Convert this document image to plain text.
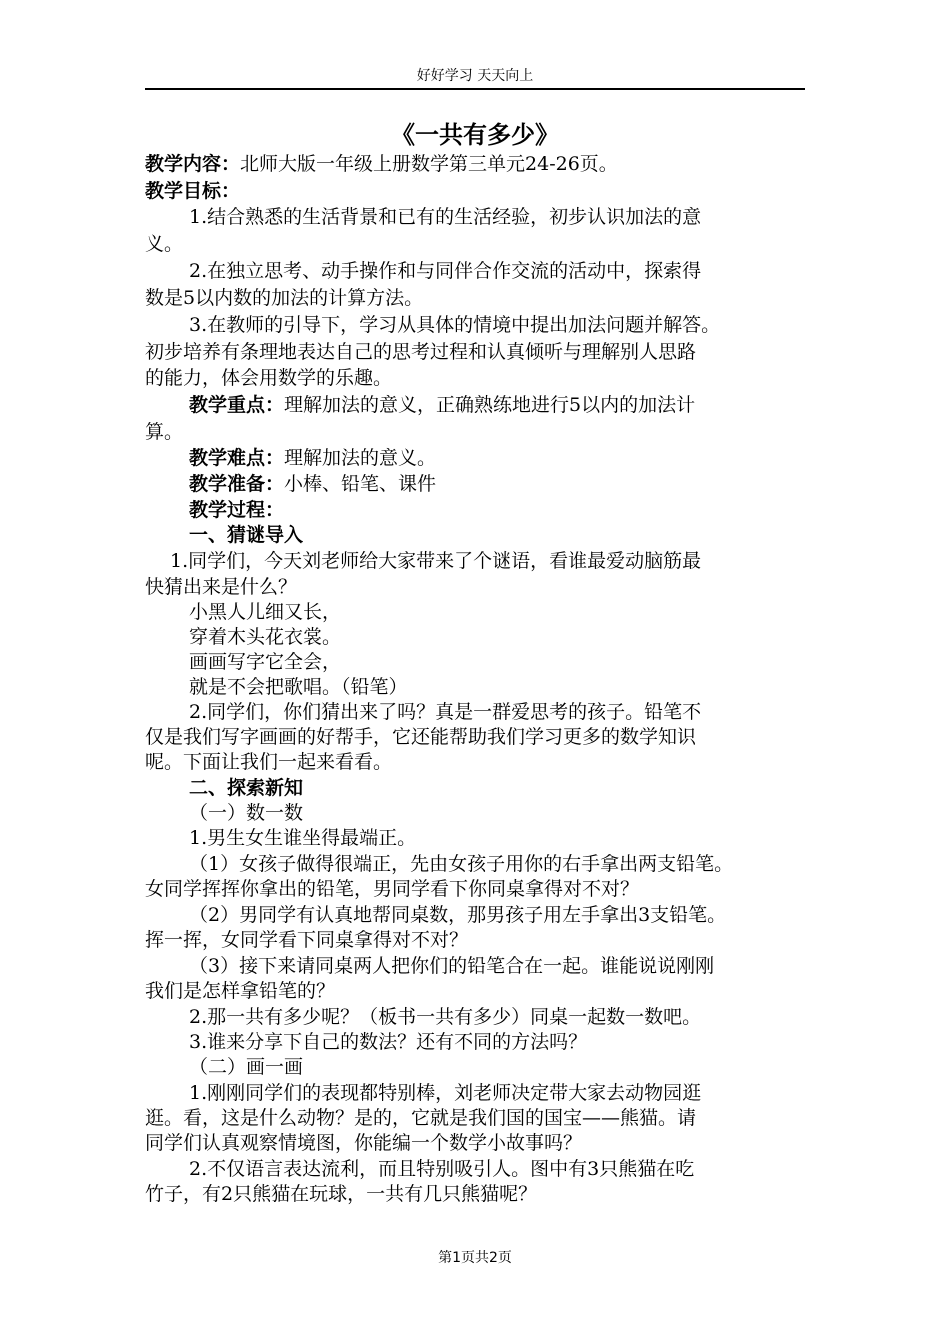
好好学习 天天向上
《一共有多少》
教学内容：北师大版一年级上册数学第三单元24-26页。
教学目标：
1.结合熟悉的生活背景和已有的生活经验，初步认识加法的意
义。
2.在独立思考、动手操作和与同伴合作交流的活动中，探索得
数是5以内数的加法的计算方法。
3.在教师的引导下，学习从具体的情境中提出加法问题并解答。
初步培养有条理地表达自己的思考过程和认真倾听与理解别人思路
的能力，体会用数学的乐趣。
教学重点：理解加法的意义，正确熟练地进行5以内的加法计
算。
教学难点：理解加法的意义。
教学准备：小棒、铅笔、课件
教学过程：
一、猜谜导入
1.同学们，今天刘老师给大家带来了个谜语，看谁最爱动脑筋最
快猜出来是什么？
小黑人儿细又长，
穿着木头花衣裳。
画画写字它全会，
就是不会把歌唱。（铅笔）
2.同学们，你们猜出来了吗？真是一群爱思考的孩子。铅笔不
仅是我们写字画画的好帮手，它还能帮助我们学习更多的数学知识
呢。下面让我们一起来看看。
二、探索新知
（一）数一数
1.男生女生谁坐得最端正。
（1）女孩子做得很端正，先由女孩子用你的右手拿出两支铅笔。
女同学挥挥你拿出的铅笔，男同学看下你同桌拿得对不对？
（2）男同学有认真地帮同桌数，那男孩子用左手拿出3支铅笔。
挥一挥，女同学看下同桌拿得对不对？
（3）接下来请同桌两人把你们的铅笔合在一起。谁能说说刚刚
我们是怎样拿铅笔的？
2.那一共有多少呢？（板书一共有多少）同桌一起数一数吧。
3.谁来分享下自己的数法？还有不同的方法吗？
（二）画一画
1.刚刚同学们的表现都特别棒，刘老师决定带大家去动物园逛
逛。看，这是什么动物？是的，它就是我们国的国宝——熊猫。请
同学们认真观察情境图，你能编一个数学小故事吗？
2.不仅语言表达流利，而且特别吸引人。图中有3只熊猫在吃
竹子，有2只熊猫在玩球，一共有几只熊猫呢？
第1页共2页
